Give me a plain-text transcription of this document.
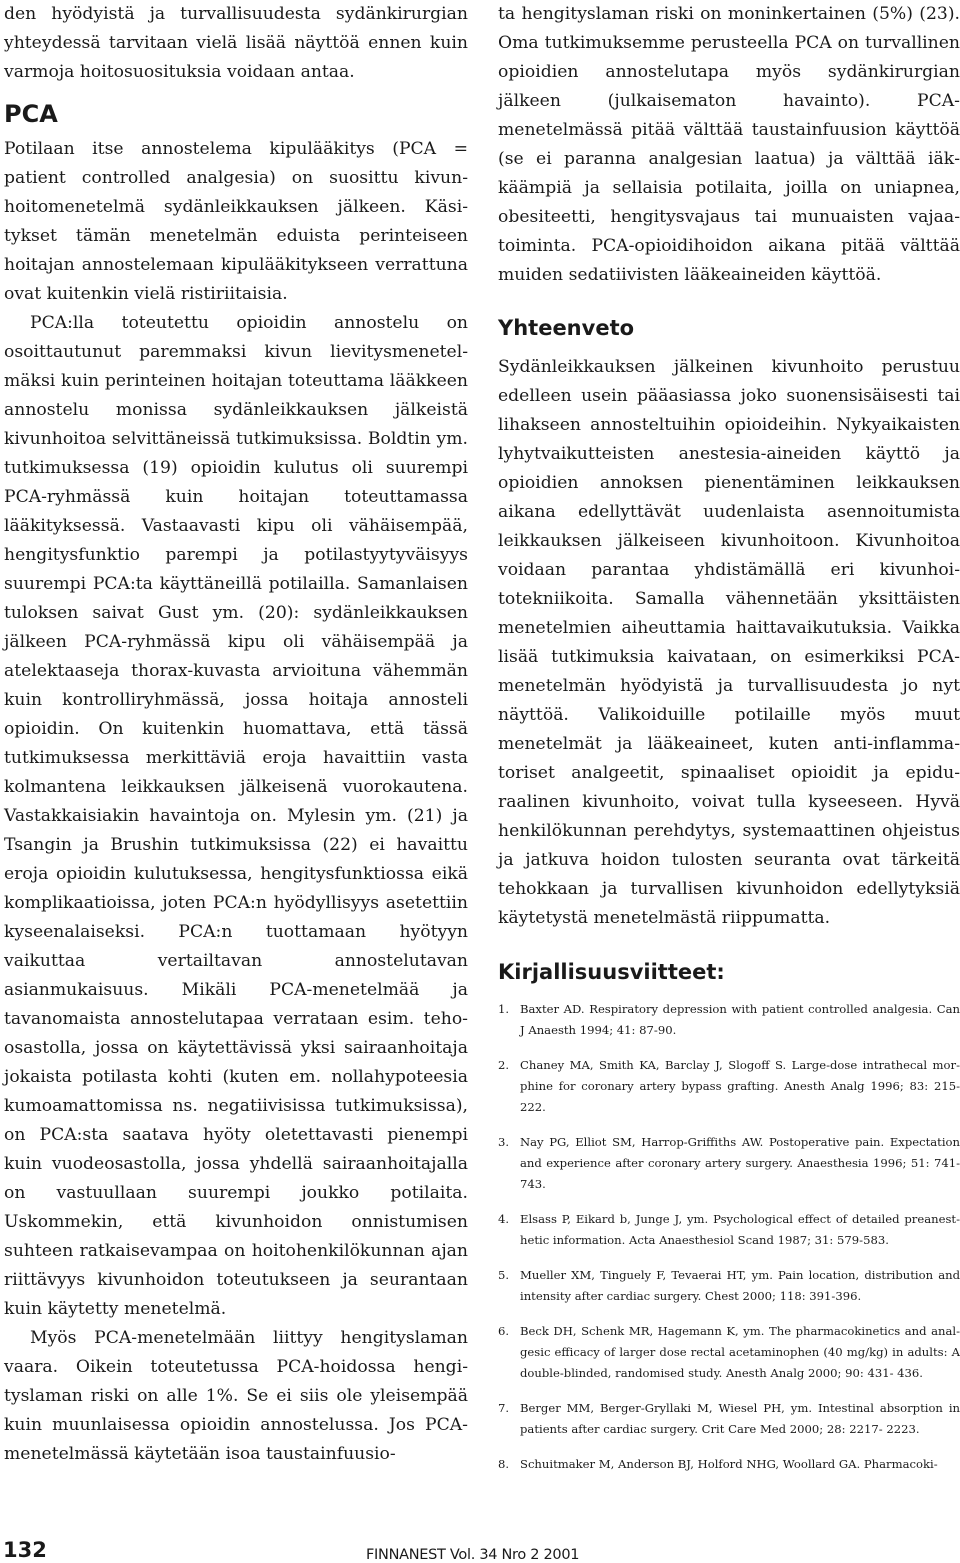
den hyödyistä ja turvallisuudesta sydänkirurgian yhteydessä tarvitaan vielä lisää näyttöä ennen kuin varmoja hoitosuosituksia voidaan antaa.

PCA

Potilaan itse annostelema kipulääkitys (PCA = patient controlled analgesia) on suosittu kivunhoitomenetelmä sydänleikkauksen jälkeen. Käsitykset tämän menetelmän eduista perinteiseen hoitajan annostelemaan kipulääkitykseen verrattuna ovat kuitenkin vielä ristiriitaisia.

PCA:lla toteutettu opioidin annostelu on osoittautunut paremmaksi kivun lievitysmenetelmäksi kuin perinteinen hoitajan toteuttama lääkkeen annostelu monissa sydänleikkauksen jälkeistä kivunhoitoa selvittäneissä tutkimuksissa. Boldtin ym. tutkimuksessa (19) opioidin kulutus oli suurempi PCA-ryhmässä kuin hoitajan toteuttamassa lääkityksessä. Vastaavasti kipu oli vähäisempää, hengitysfunktio parempi ja potilastyytyväisyys suurempi PCA:ta käyttäneillä potilailla. Samanlaisen tuloksen saivat Gust ym. (20): sydänleikkauksen jälkeen PCA-ryhmässä kipu oli vähäisempää ja atelektaaseja thorax-kuvasta arvioituna vähemmän kuin kontrolliryhmässä, jossa hoitaja annosteli opioidin. On kuitenkin huomattava, että tässä tutkimuksessa merkittäviä eroja havaittiin vasta kolmantena leikkauksen jälkeisenä vuorokautena. Vastakkaisiakin havaintoja on. Mylesin ym. (21) ja Tsangin ja Brushin tutkimuksissa (22) ei havaittu eroja opioidin kulutuksessa, hengitysfunktiossa eikä komplikaatioissa, joten PCA:n hyödyllisyys asetettiin kyseenalaiseksi. PCA:n tuottamaan hyötyyn vaikuttaa vertailtavan annostelutavan asianmukaisuus. Mikäli PCA-menetelmää ja tavanomaista annostelutapaa verrataan esim. teho-osastolla, jossa on käytettävissä yksi sairaanhoitaja jokaista potilasta kohti (kuten em. nollahypoteesia kumoamattomissa ns. negatiivisissa tutkimuksissa), on PCA:sta saatava hyöty oletettavasti pienempi kuin vuodeosastolla, jossa yhdellä sairaanhoitajalla on vastuullaan suurempi joukko potilaita. Uskommekin, että kivunhoidon onnistumisen suhteen ratkaisevampaa on hoitohenkilökunnan ajan riittävyys kivunhoidon toteutukseen ja seurantaan kuin käytetty menetelmä.

Myös PCA-menetelmään liittyy hengityslaman vaara. Oikein toteutetussa PCA-hoidossa hengityslaman riski on alle 1%. Se ei siis ole yleisempää kuin muunlaisessa opioidin annostelussa. Jos PCA-menetelmässä käytetään isoa taustainfuusio-

ta hengityslaman riski on moninkertainen (5%) (23). Oma tutkimuksemme perusteella PCA on turvallinen opioidien annostelutapa myös sydänkirurgian jälkeen (julkaisematon havainto). PCA-menetelmässä pitää välttää taustainfuusion käyttöä (se ei paranna analgesian laatua) ja välttää iäkkäämpiä ja sellaisia potilaita, joilla on uniapnea, obesiteetti, hengitysvajaus tai munuaisten vajaatoiminta. PCA-opioidihoidon aikana pitää välttää muiden sedatiivisten lääkeaineiden käyttöä.

Yhteenveto

Sydänleikkauksen jälkeinen kivunhoito perustuu edelleen usein pääasiassa joko suonensisäisesti tai lihakseen annosteltuihin opioideihin. Nykyaikaisten lyhytvaikutteisten anestesia-aineiden käyttö ja opioidien annoksen pienentäminen leikkauksen aikana edellyttävät uudenlaista asennoitumista leikkauksen jälkeiseen kivunhoitoon. Kivunhoitoa voidaan parantaa yhdistämällä eri kivunhoitotekniikoita. Samalla vähennetään yksittäisten menetelmien aiheuttamia haittavaikutuksia. Vaikka lisää tutkimuksia kaivataan, on esimerkiksi PCA-menetelmän hyödyistä ja turvallisuudesta jo nyt näyttöä. Valikoiduille potilaille myös muut menetelmät ja lääkeaineet, kuten anti-inflammatoriset analgeetit, spinaaliset opioidit ja epiduraalinen kivunhoito, voivat tulla kyseeseen. Hyvä henkilökunnan perehdytys, systemaattinen ohjeistus ja jatkuva hoidon tulosten seuranta ovat tärkeitä tehokkaan ja turvallisen kivunhoidon edellytyksiä käytetystä menetelmästä riippumatta.

Kirjallisuusviitteet:
1. Baxter AD. Respiratory depression with patient controlled analgesia. Can J Anaesth 1994; 41: 87-90.
2. Chaney MA, Smith KA, Barclay J, Slogoff S. Large-dose intrathecal morphine for coronary artery bypass grafting. Anesth Analg 1996; 83: 215-222.
3. Nay PG, Elliot SM, Harrop-Griffiths AW. Postoperative pain. Expectation and experience after coronary artery surgery. Anaesthesia 1996; 51: 741-743.
4. Elsass P, Eikard b, Junge J, ym. Psychological effect of detailed preanesthetic information. Acta Anaesthesiol Scand 1987; 31: 579-583.
5. Mueller XM, Tinguely F, Tevaerai HT, ym. Pain location, distribution and intensity after cardiac surgery. Chest 2000; 118: 391-396.
6. Beck DH, Schenk MR, Hagemann K, ym. The pharmacokinetics and analgesic efficacy of larger dose rectal acetaminophen (40 mg/kg) in adults: A double-blinded, randomised study. Anesth Analg 2000; 90: 431- 436.
7. Berger MM, Berger-Gryllaki M, Wiesel PH, ym. Intestinal absorption in patients after cardiac surgery. Crit Care Med 2000; 28: 2217- 2223.
8. Schuitmaker M, Anderson BJ, Holford NHG, Woollard GA. Pharmacoki-
132	FINNANEST Vol. 34 Nro 2 2001
